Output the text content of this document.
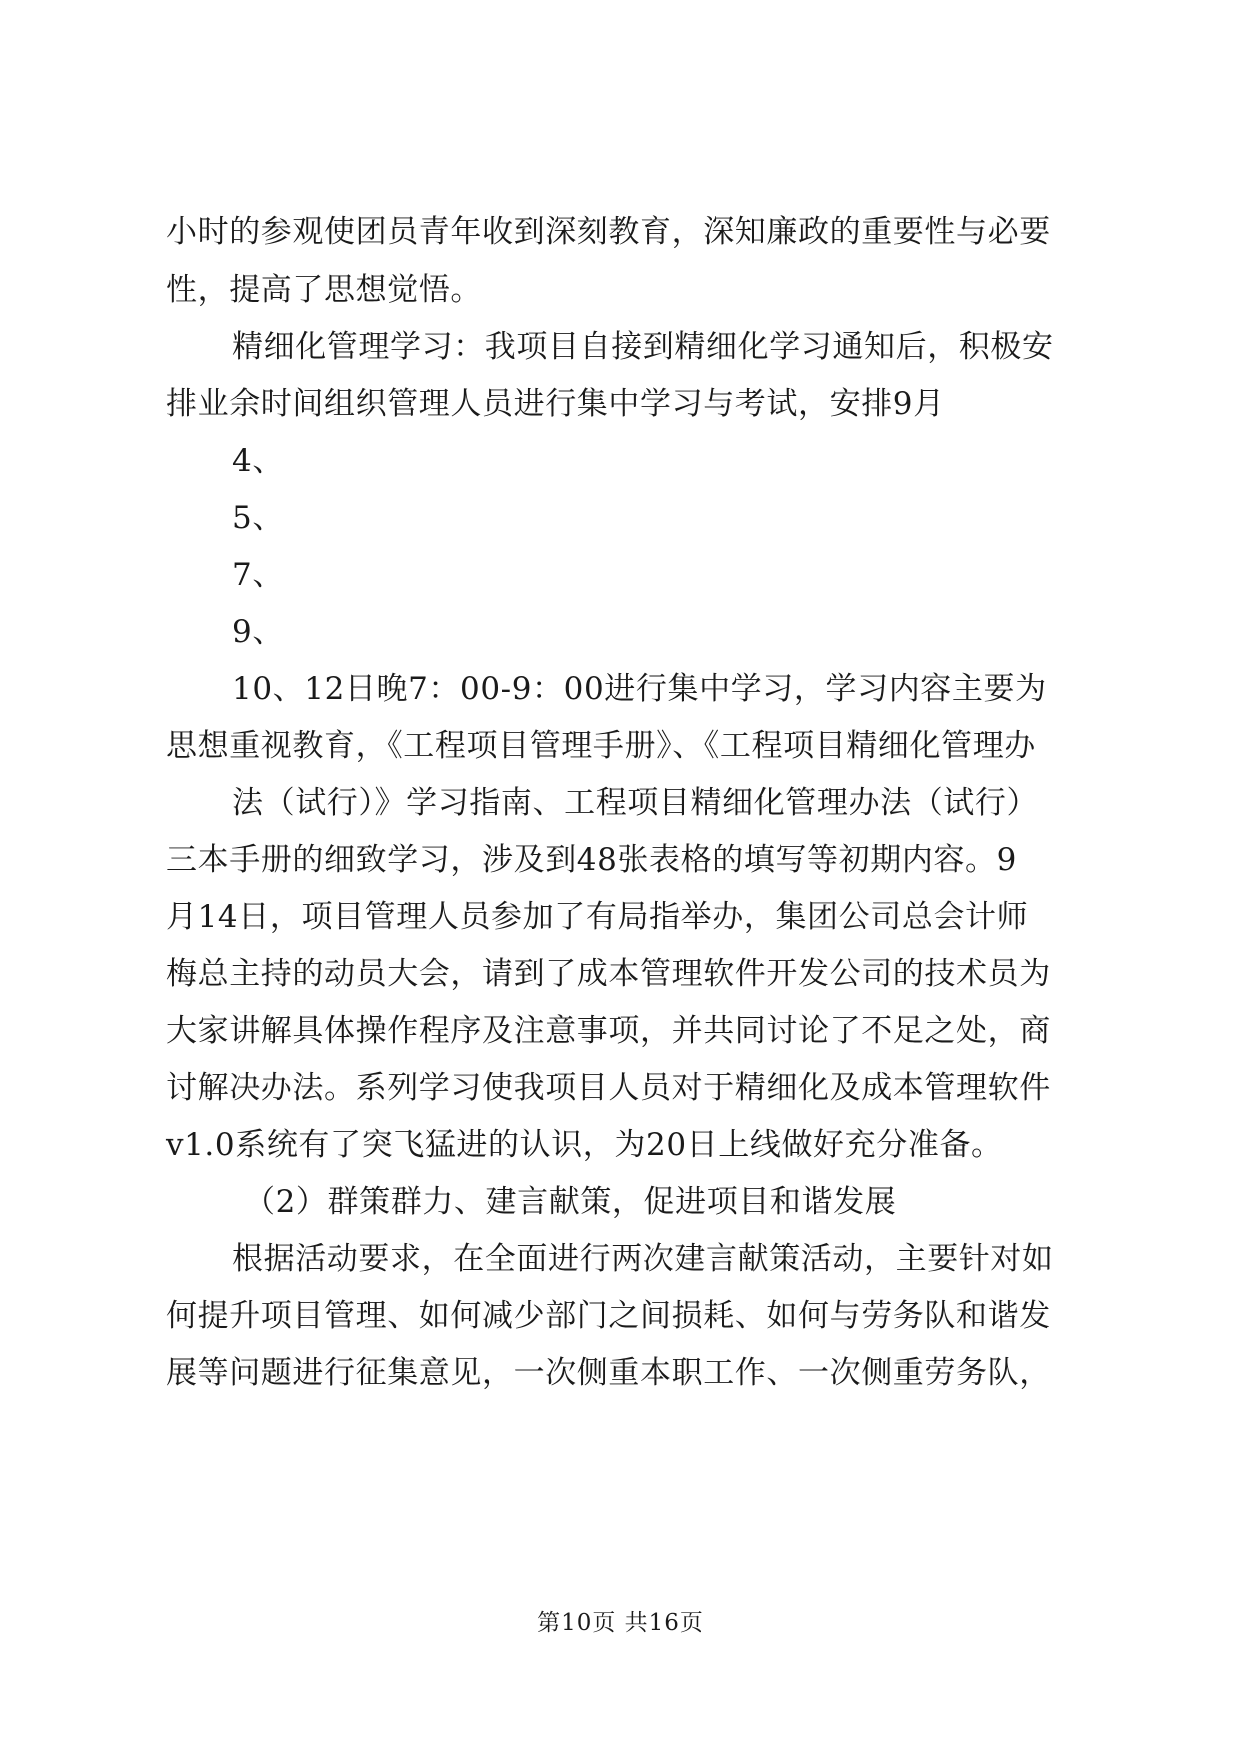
小时的参观使团员青年收到深刻教育，深知廉政的重要性与必要
性，提高了思想觉悟。
精细化管理学习：我项目自接到精细化学习通知后，积极安
排业余时间组织管理人员进行集中学习与考试，安排9月
4、
5、
7、
9、
10、12日晚7：00-9：00进行集中学习，学习内容主要为
思想重视教育，《工程项目管理手册》、《工程项目精细化管理办
法（试行）》学习指南、工程项目精细化管理办法（试行）
三本手册的细致学习，涉及到48张表格的填写等初期内容。9
月14日，项目管理人员参加了有局指举办，集团公司总会计师
梅总主持的动员大会，请到了成本管理软件开发公司的技术员为
大家讲解具体操作程序及注意事项，并共同讨论了不足之处，商
讨解决办法。系列学习使我项目人员对于精细化及成本管理软件
v1.0系统有了突飞猛进的认识，为20日上线做好充分准备。
（2）群策群力、建言献策，促进项目和谐发展
根据活动要求，在全面进行两次建言献策活动，主要针对如
何提升项目管理、如何减少部门之间损耗、如何与劳务队和谐发
展等问题进行征集意见，一次侧重本职工作、一次侧重劳务队，
第10页 共16页
